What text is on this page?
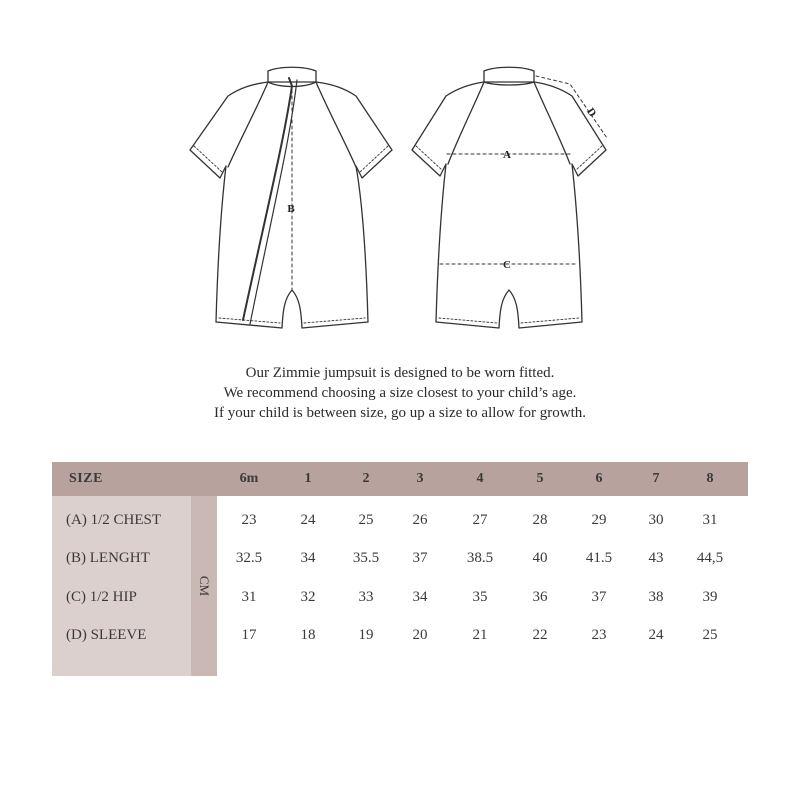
B
A
C
D
Our Zimmie jumpsuit is designed to be worn fitted.
We recommend choosing a size closest to your child’s age.
If your child is between size, go up a size to allow for growth.
CM
SIZE	6m	1	2	3	4	5	6	7	8
(A) 1/2 CHEST	23	24	25	26	27	28	29	30	31
(B) LENGHT	32.5	34	35.5	37	38.5	40	41.5	43	44,5
(C) 1/2 HIP	31	32	33	34	35	36	37	38	39
(D) SLEEVE	17	18	19	20	21	22	23	24	25
